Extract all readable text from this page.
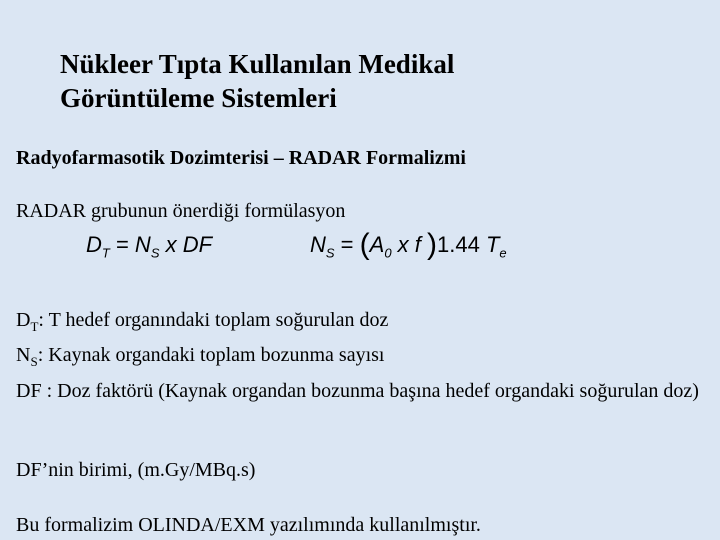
Nükleer Tıpta Kullanılan Medikal
Görüntüleme Sistemleri
Radyofarmasotik Dozimterisi – RADAR Formalizmi
RADAR grubunun önerdiği formülasyon
$D_T = N_S$ x DF	$N_S = (A_0$ x f )1.44 $T_e$
$D_T$: T hedef organındaki toplam soğurulan doz
$N_S$: Kaynak organdaki toplam bozunma sayısı
DF : Doz faktörü (Kaynak organdan bozunma başına hedef organdaki soğurulan doz)
DF’nin birimi, (m.Gy/MBq.s)
Bu formalizim OLINDA/EXM yazılımında kullanılmıştır.
